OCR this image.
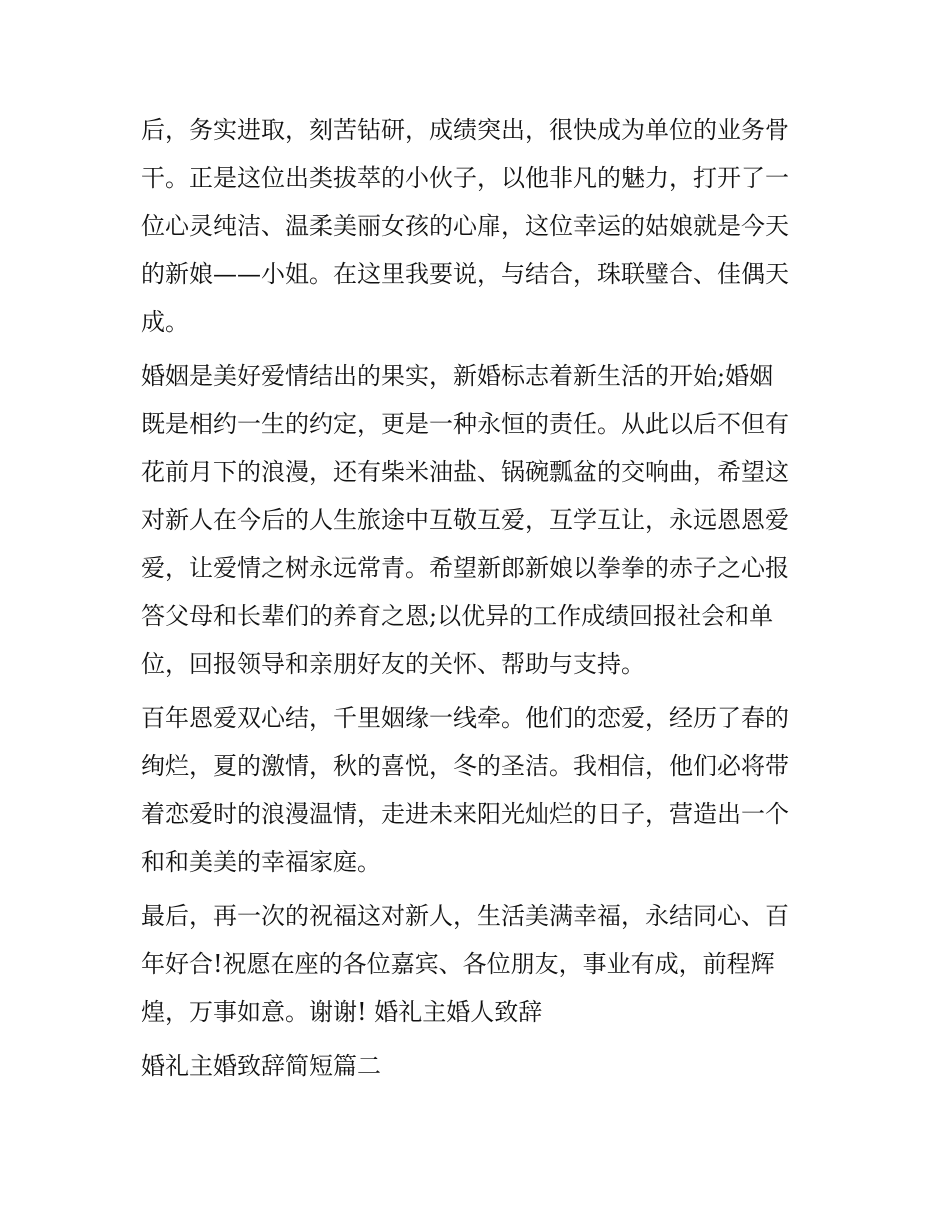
后，务实进取，刻苦钻研，成绩突出，很快成为单位的业务骨
干。正是这位出类拔萃的小伙子，以他非凡的魅力，打开了一
位心灵纯洁、温柔美丽女孩的心扉，这位幸运的姑娘就是今天
的新娘——小姐。在这里我要说，与结合，珠联璧合、佳偶天
成。
婚姻是美好爱情结出的果实，新婚标志着新生活的开始;婚姻
既是相约一生的约定，更是一种永恒的责任。从此以后不但有
花前月下的浪漫，还有柴米油盐、锅碗瓢盆的交响曲，希望这
对新人在今后的人生旅途中互敬互爱，互学互让，永远恩恩爱
爱，让爱情之树永远常青。希望新郎新娘以拳拳的赤子之心报
答父母和长辈们的养育之恩;以优异的工作成绩回报社会和单
位，回报领导和亲朋好友的关怀、帮助与支持。
百年恩爱双心结，千里姻缘一线牵。他们的恋爱，经历了春的
绚烂，夏的激情，秋的喜悦，冬的圣洁。我相信，他们必将带
着恋爱时的浪漫温情，走进未来阳光灿烂的日子，营造出一个
和和美美的幸福家庭。
最后，再一次的祝福这对新人，生活美满幸福，永结同心、百
年好合!祝愿在座的各位嘉宾、各位朋友，事业有成，前程辉
煌，万事如意。谢谢! 婚礼主婚人致辞
婚礼主婚致辞简短篇二
